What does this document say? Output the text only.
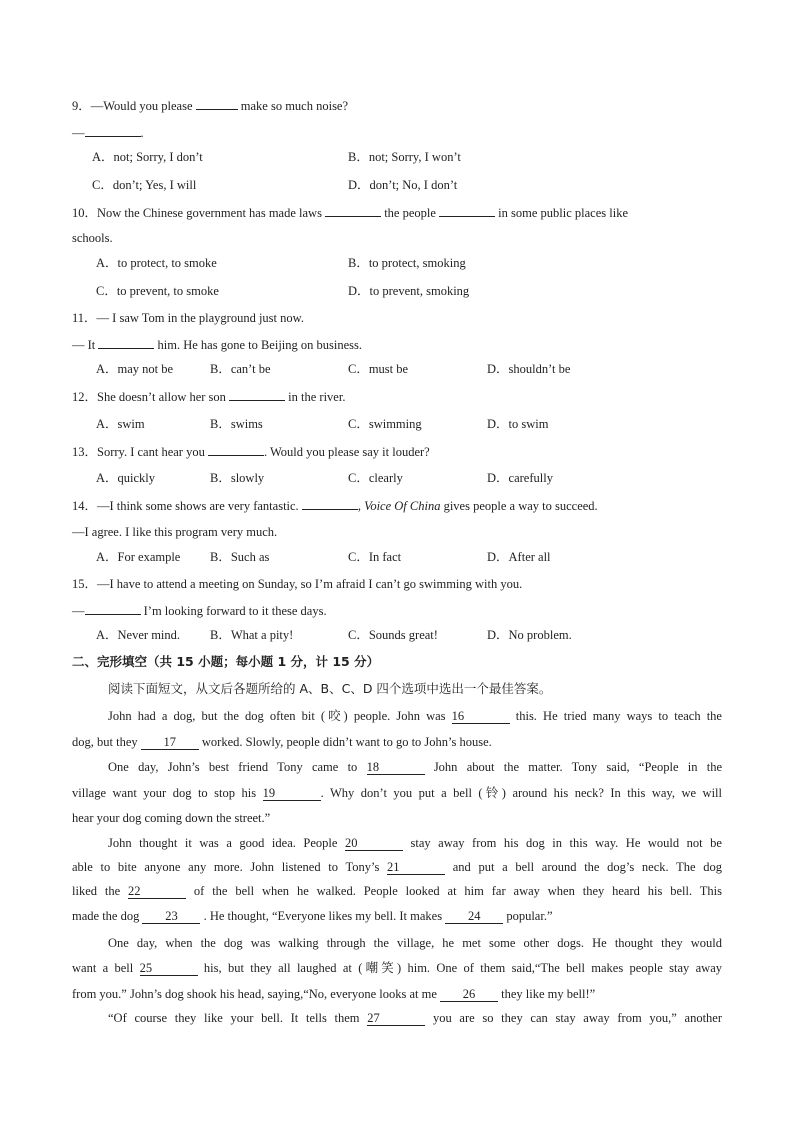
9．—Would you please	make so much noise?
—	.
A．not; Sorry, I don’t	B．not; Sorry, I won’t
C．don’t; Yes, I will	D．don’t; No, I don’t
10．Now the Chinese government has made laws	the people	in some public places like
schools.
A．to protect, to smoke	B．to protect, smoking
C．to prevent, to smoke	D．to prevent, smoking
11．— I saw Tom in the playground just now.
— It	him. He has gone to Beijing on business.
A．may not be	B．can’t be	C．must be	D．shouldn’t be
12．She doesn’t allow her son	in the river.
A．swim	B．swims	C．swimming	D．to swim
13．Sorry. I cant hear you	. Would you please say it louder?
A．quickly	B．slowly	C．clearly	D．carefully
14．—I think some shows are very fantastic.	, Voice Of China gives people a way to succeed.
—I agree. I like this program very much.
A．For example B．Such as	C．In fact	D．After all
15．—I have to attend a meeting on Sunday, so I’m afraid I can’t go swimming with you.
—	I’m looking forward to it these days.
A．Never mind. B．What a pity!	C．Sounds great!	D．No problem.
二、完形填空（共 15 小题；每小题 1 分，计 15 分）
阅读下面短文，从文后各题所给的 A、B、C、D 四个选项中选出一个最佳答案。
John had a dog, but the dog often bit (咬) people. John was 16	this. He tried many ways to teach the
dog, but they 17 worked. Slowly, people didn’t want to go to John’s house.
One day, John’s best friend Tony came to 18	John about the matter. Tony said, “People in the
village want your dog to stop his 19	. Why don’t you put a bell (铃) around his neck? In this way, we will
hear your dog coming down the street.”
John thought it was a good idea. People 20	stay away from his dog in this way. He would not be
able to bite anyone any more. John listened to Tony’s 21	and put a bell around the dog’s neck. The dog
liked the 22	of the bell when he walked. People looked at him far away when they heard his bell. This
made the dog 23 . He thought, “Everyone likes my bell. It makes 24 popular.”
One day, when the dog was walking through the village, he met some other dogs. He thought they would
want a bell 25	his, but they all laughed at (嘲笑) him. One of them said,“The bell makes people stay away
from you.” John’s dog shook his head, saying,“No, everyone looks at me 26 they like my bell!”
“Of course they like your bell. It tells them 27	you are so they can stay away from you,” another
